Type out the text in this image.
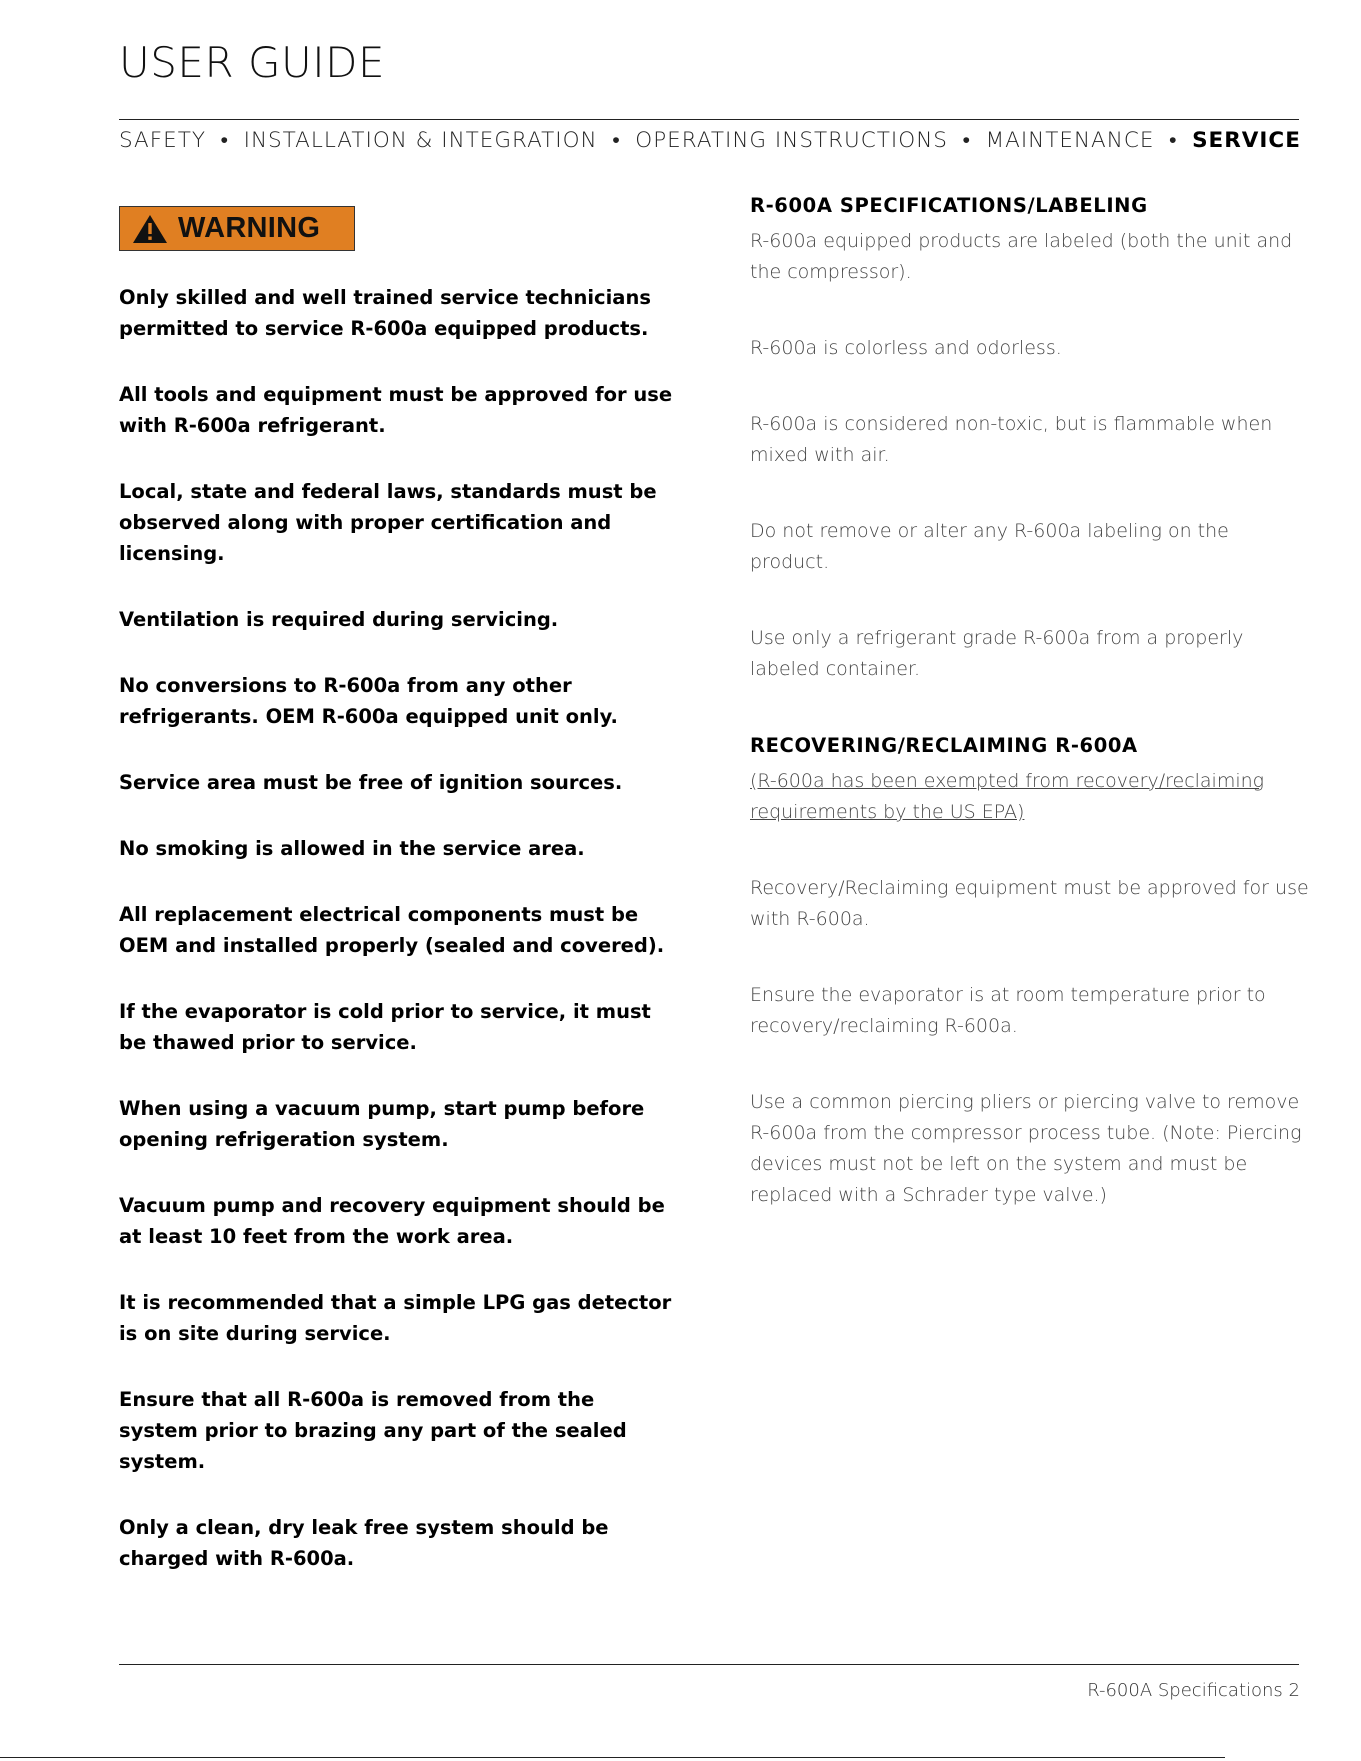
USER GUIDE
SAFETY • INSTALLATION & INTEGRATION • OPERATING INSTRUCTIONS • MAINTENANCE • SERVICE
WARNING

Only skilled and well trained service technicians permitted to service R-600a equipped products.

All tools and equipment must be approved for use with R-600a refrigerant.

Local, state and federal laws, standards must be observed along with proper certification and licensing.

Ventilation is required during servicing.

No conversions to R-600a from any other refrigerants. OEM R-600a equipped unit only.

Service area must be free of ignition sources.

No smoking is allowed in the service area.

All replacement electrical components must be OEM and installed properly (sealed and covered).

If the evaporator is cold prior to service, it must be thawed prior to service.

When using a vacuum pump, start pump before opening refrigeration system.

Vacuum pump and recovery equipment should be at least 10 feet from the work area.

It is recommended that a simple LPG gas detector is on site during service.

Ensure that all R-600a is removed from the system prior to brazing any part of the sealed system.

Only a clean, dry leak free system should be charged with R-600a.

R-600A SPECIFICATIONS/LABELING

R-600a equipped products are labeled (both the unit and the compressor).

R-600a is colorless and odorless.

R-600a is considered non-toxic, but is flammable when mixed with air.

Do not remove or alter any R-600a labeling on the product.

Use only a refrigerant grade R-600a from a properly labeled container.

RECOVERING/RECLAIMING R-600A

(R-600a has been exempted from recovery/reclaiming requirements by the US EPA)

Recovery/Reclaiming equipment must be approved for use with R-600a.

Ensure the evaporator is at room temperature prior to recovery/reclaiming R-600a.

Use a common piercing pliers or piercing valve to remove R-600a from the compressor process tube. (Note: Piercing devices must not be left on the system and must be replaced with a Schrader type valve.)

R-600A Specifications 2
